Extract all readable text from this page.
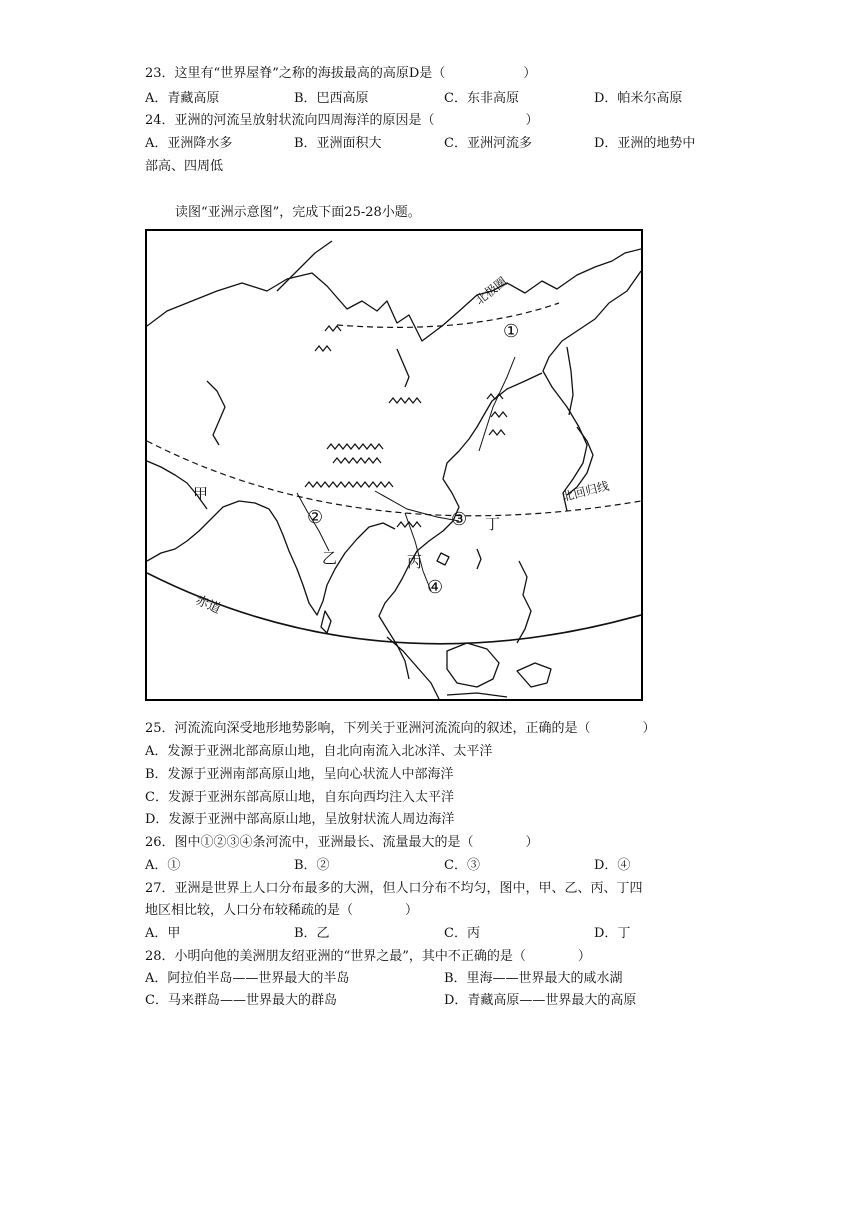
23．这里有“世界屋脊”之称的海拔最高的高原D是（　　　　　　）
A．青藏高原	B．巴西高原	C．东非高原	D．帕米尔高原
24．亚洲的河流呈放射状流向四周海洋的原因是（　　　　　　　）
A．亚洲降水多	B．亚洲面积大	C．亚洲河流多	D．亚洲的地势中
部高、四周低
读图“亚洲示意图”，完成下面25-28小题。
北极圈
北回归线
赤道
甲
乙	丙
丁
①
②	③
④
25．河流流向深受地形地势影响，下列关于亚洲河流流向的叙述，正确的是（　　　　）
A．发源于亚洲北部高原山地，自北向南流入北冰洋、太平洋
B．发源于亚洲南部高原山地，呈向心状流人中部海洋
C．发源于亚洲东部高原山地，自东向西均注入太平洋
D．发源于亚洲中部高原山地，呈放射状流人周边海洋
26．图中①②③④条河流中，亚洲最长、流量最大的是（　　　　）
A．①	B．②	C．③	D．④
27．亚洲是世界上人口分布最多的大洲，但人口分布不均匀，图中，甲、乙、丙、丁四
地区相比较，人口分布较稀疏的是（　　　　）
A．甲	B．乙	C．丙	D．丁
28．小明向他的美洲朋友绍亚洲的“世界之最”，其中不正确的是（　　　　）
A．阿拉伯半岛——世界最大的半岛	B．里海——世界最大的咸水湖
C．马来群岛——世界最大的群岛	D．青藏高原——世界最大的高原
